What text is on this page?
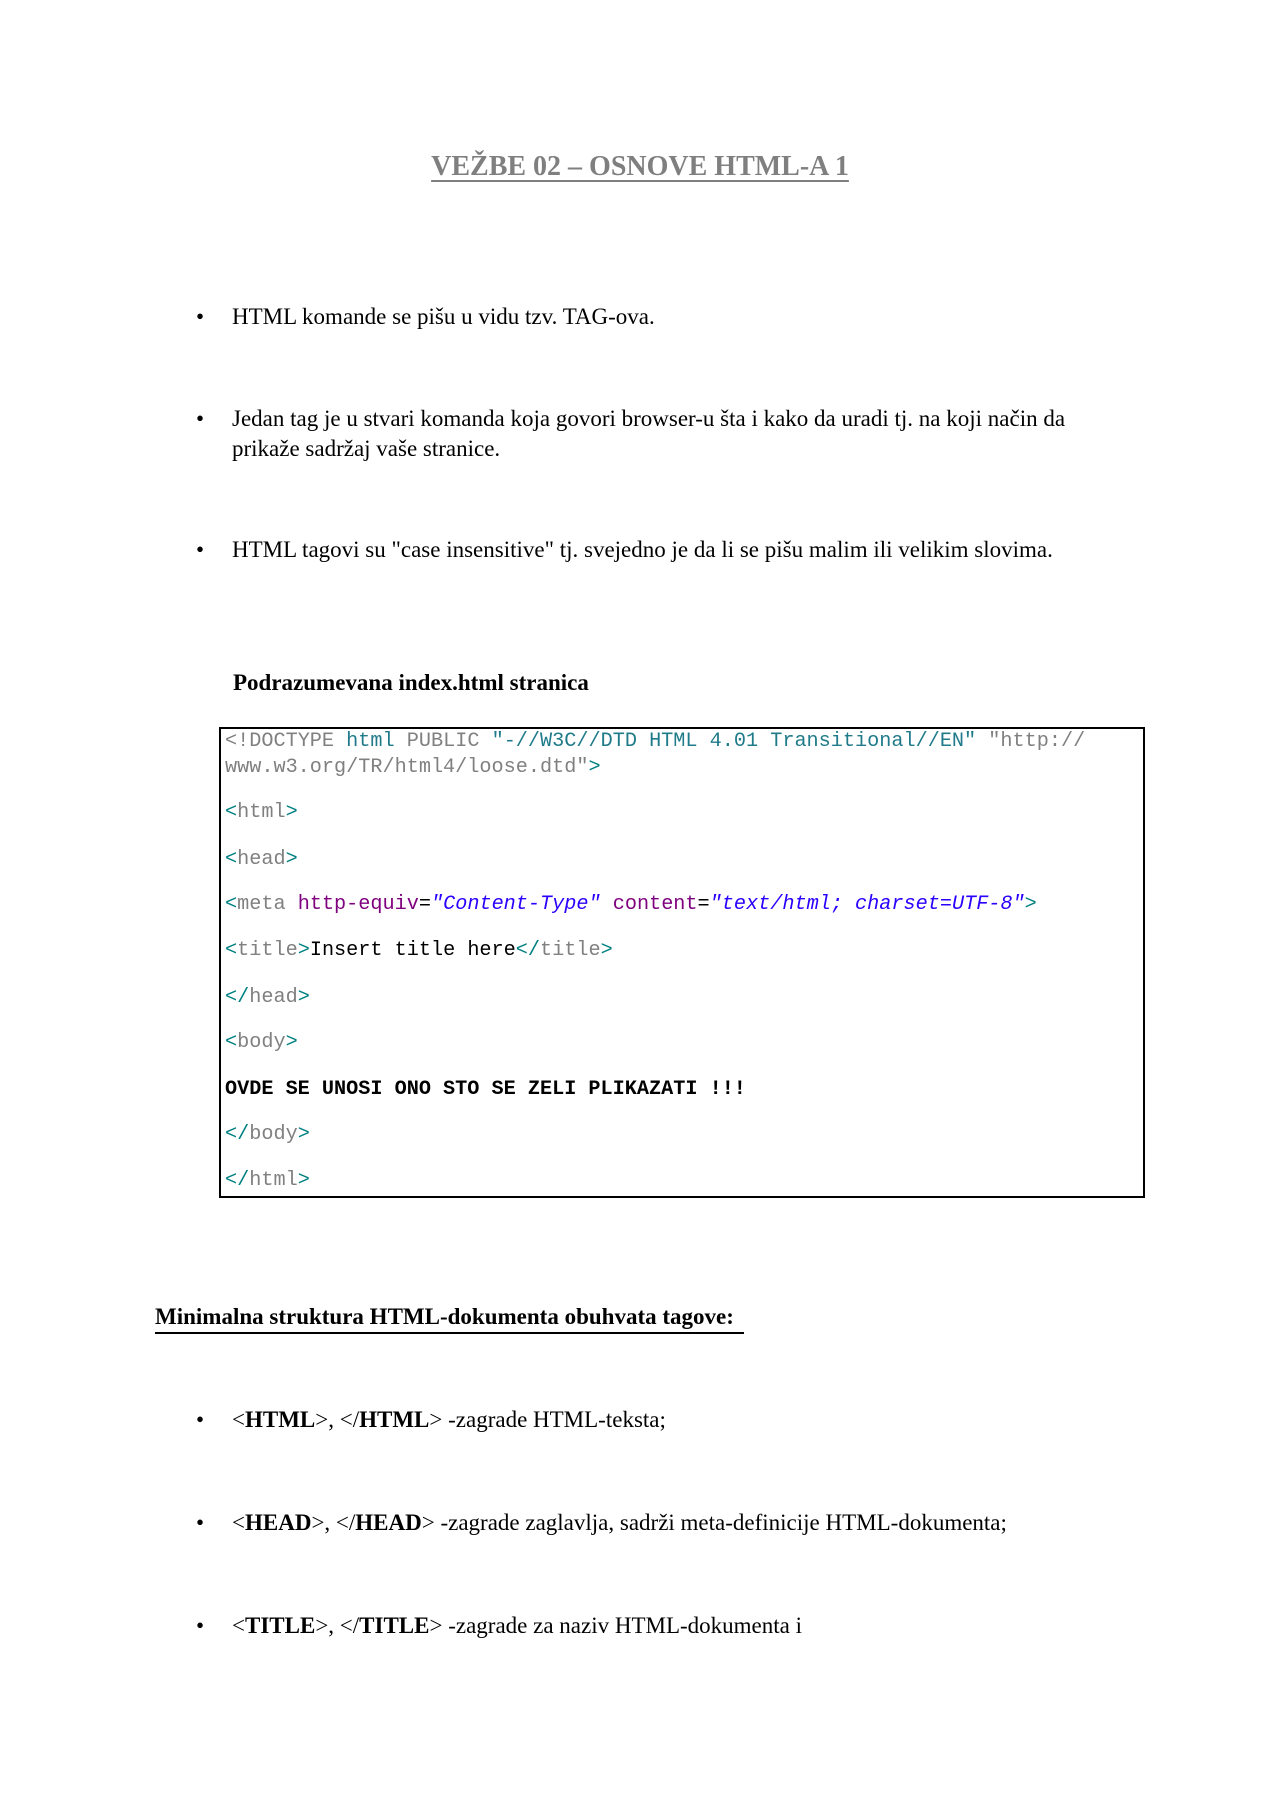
VEŽBE 02 – OSNOVE HTML-A 1
•	HTML komande se pišu u vidu tzv. TAG-ova.
•	Jedan tag je u stvari komanda koja govori browser-u šta i kako da uradi tj. na koji način da prikaže sadržaj vaše stranice.
•	HTML tagovi su "case insensitive" tj. svejedno je da li se pišu malim ili velikim slovima.
Podrazumevana index.html stranica
<!DOCTYPE html PUBLIC "-//W3C//DTD HTML 4.01 Transitional//EN" "http://
www.w3.org/TR/html4/loose.dtd">
<html>
<head>
<meta http-equiv="Content-Type" content="text/html; charset=UTF-8">
<title>Insert title here</title>
</head>
<body>
OVDE SE UNOSI ONO STO SE ZELI PLIKAZATI !!!
</body>
</html>
Minimalna struktura HTML-dokumenta obuhvata tagove:
•	<HTML>, </HTML> -zagrade HTML-teksta;
•	<HEAD>, </HEAD> -zagrade zaglavlja, sadrži meta-definicije HTML-dokumenta;
•	<TITLE>, </TITLE> -zagrade za naziv HTML-dokumenta i
